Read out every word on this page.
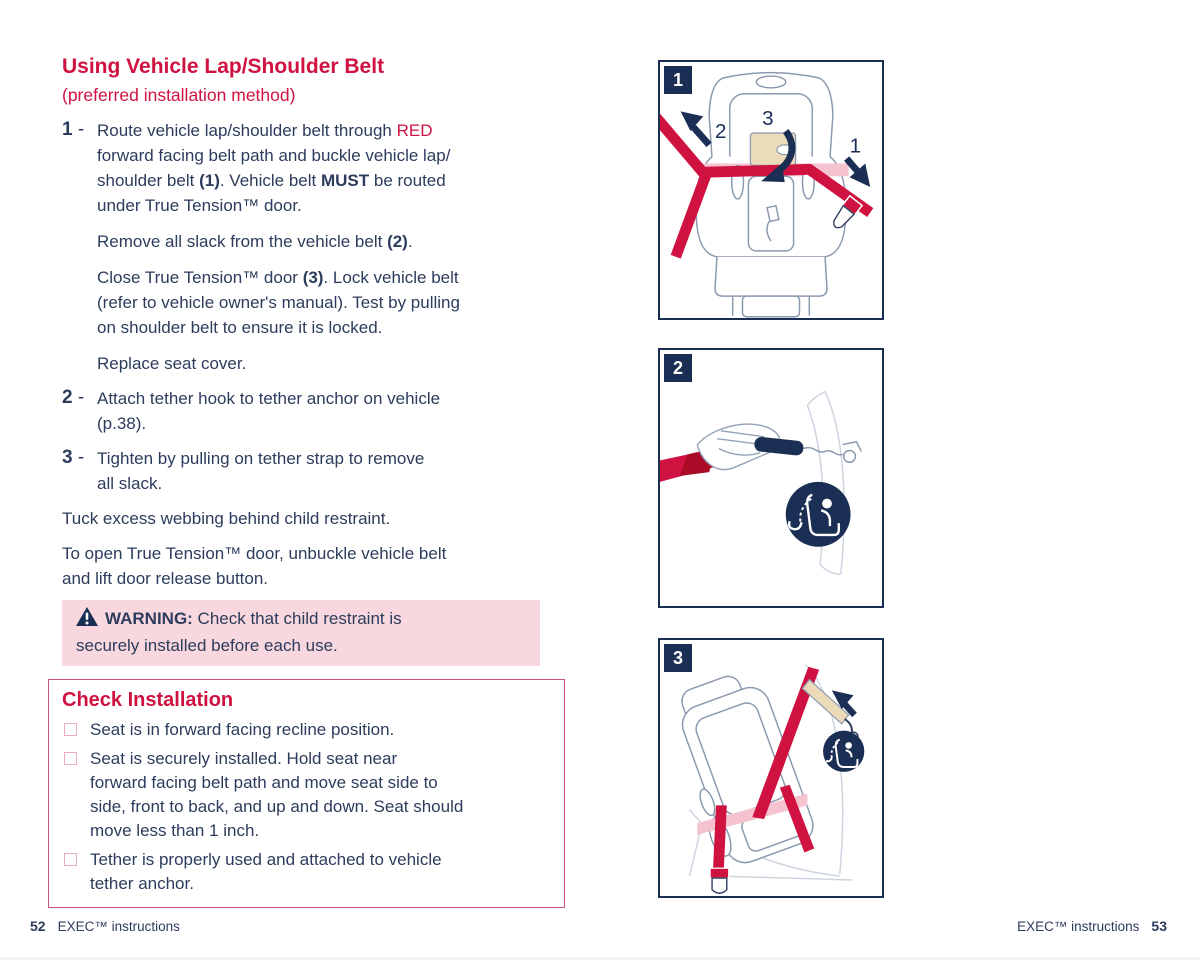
Using Vehicle Lap/Shoulder Belt
(preferred installation method)
1 - Route vehicle lap/shoulder belt through RED
forward facing belt path and buckle vehicle lap/
shoulder belt (1). Vehicle belt MUST be routed
under True Tension™ door.
Remove all slack from the vehicle belt (2).
Close True Tension™ door (3). Lock vehicle belt
(refer to vehicle owner's manual). Test by pulling
on shoulder belt to ensure it is locked.
Replace seat cover.
2 - Attach tether hook to tether anchor on vehicle
(p.38).
3 - Tighten by pulling on tether strap to remove
all slack.
Tuck excess webbing behind child restraint.
To open True Tension™ door, unbuckle vehicle belt
and lift door release button.
WARNING: Check that child restraint is
securely installed before each use.
Check Installation
Seat is in forward facing recline position.
Seat is securely installed. Hold seat near
forward facing belt path and move seat side to
side, front to back, and up and down. Seat should
move less than 1 inch.
Tether is properly used and attached to vehicle
tether anchor.
1
2
3
1
2
3
52 EXEC™ instructions	EXEC™ instructions 53
